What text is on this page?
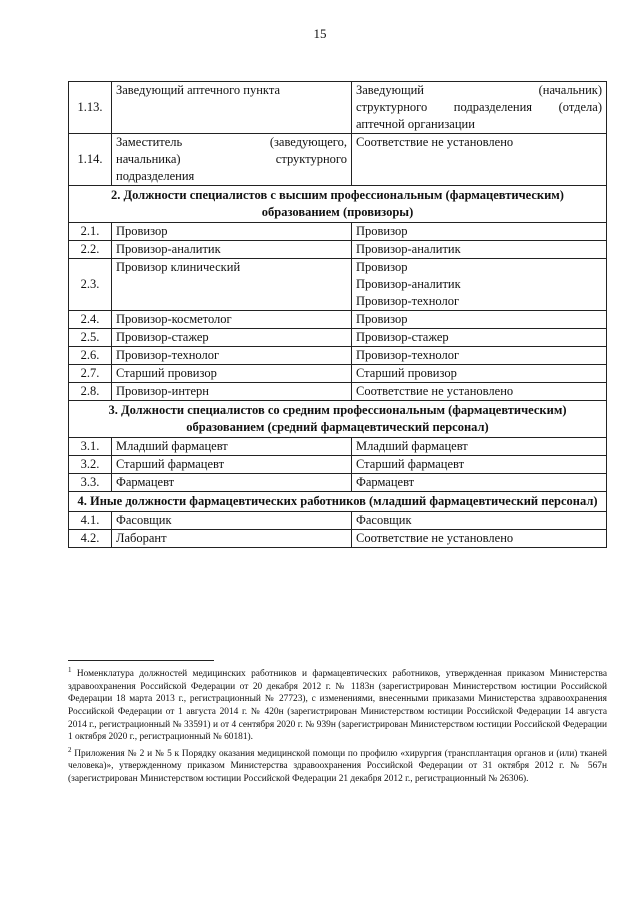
15
1.13.	Заведующий аптечного пункта	Заведующий (начальник)
структурного подразделения (отдела)
аптечной организации

1.14.	Заместитель (заведующего,
начальника) структурного
подразделения	Соответствие не установлено

2. Должности специалистов с высшим профессиональным (фармацевтическим) образованием (провизоры)		
2.1.	Провизор	Провизор
2.2.	Провизор-аналитик	Провизор-аналитик
2.3.	Провизор клинический	Провизор
Провизор-аналитик
Провизор-технолог

2.4.	Провизор-косметолог	Провизор
2.5.	Провизор-стажер	Провизор-стажер
2.6.	Провизор-технолог	Провизор-технолог
2.7.	Старший провизор	Старший провизор
2.8.	Провизор-интерн	Соответствие не установлено
3. Должности специалистов со средним профессиональным (фармацевтическим) образованием (средний фармацевтический персонал)		
3.1.	Младший фармацевт	Младший фармацевт
3.2.	Старший фармацевт	Старший фармацевт
3.3.	Фармацевт	Фармацевт
4. Иные должности фармацевтических работников (младший фармацевтический персонал)		
4.1.	Фасовщик	Фасовщик
4.2.	Лаборант	Соответствие не установлено

$^1$ Номенклатура должностей медицинских работников и фармацевтических работников, утвержденная приказом Министерства здравоохранения Российской Федерации от 20 декабря 2012 г. № 1183н (зарегистрирован Министерством юстиции Российской Федерации 18 марта 2013 г., регистрационный № 27723), с изменениями, внесенными приказами Министерства здравоохранения Российской Федерации от 1 августа 2014 г. № 420н (зарегистрирован Министерством юстиции Российской Федерации 14 августа 2014 г., регистрационный № 33591) и от 4 сентября 2020 г. № 939н (зарегистрирован Министерством юстиции Российской Федерации 1 октября 2020 г., регистрационный № 60181).

$^2$ Приложения № 2 и № 5 к Порядку оказания медицинской помощи по профилю «хирургия (трансплантация органов и (или) тканей человека)», утвержденному приказом Министерства здравоохранения Российской Федерации от 31 октября 2012 г. № 567н (зарегистрирован Министерством юстиции Российской Федерации 21 декабря 2012 г., регистрационный № 26306).
